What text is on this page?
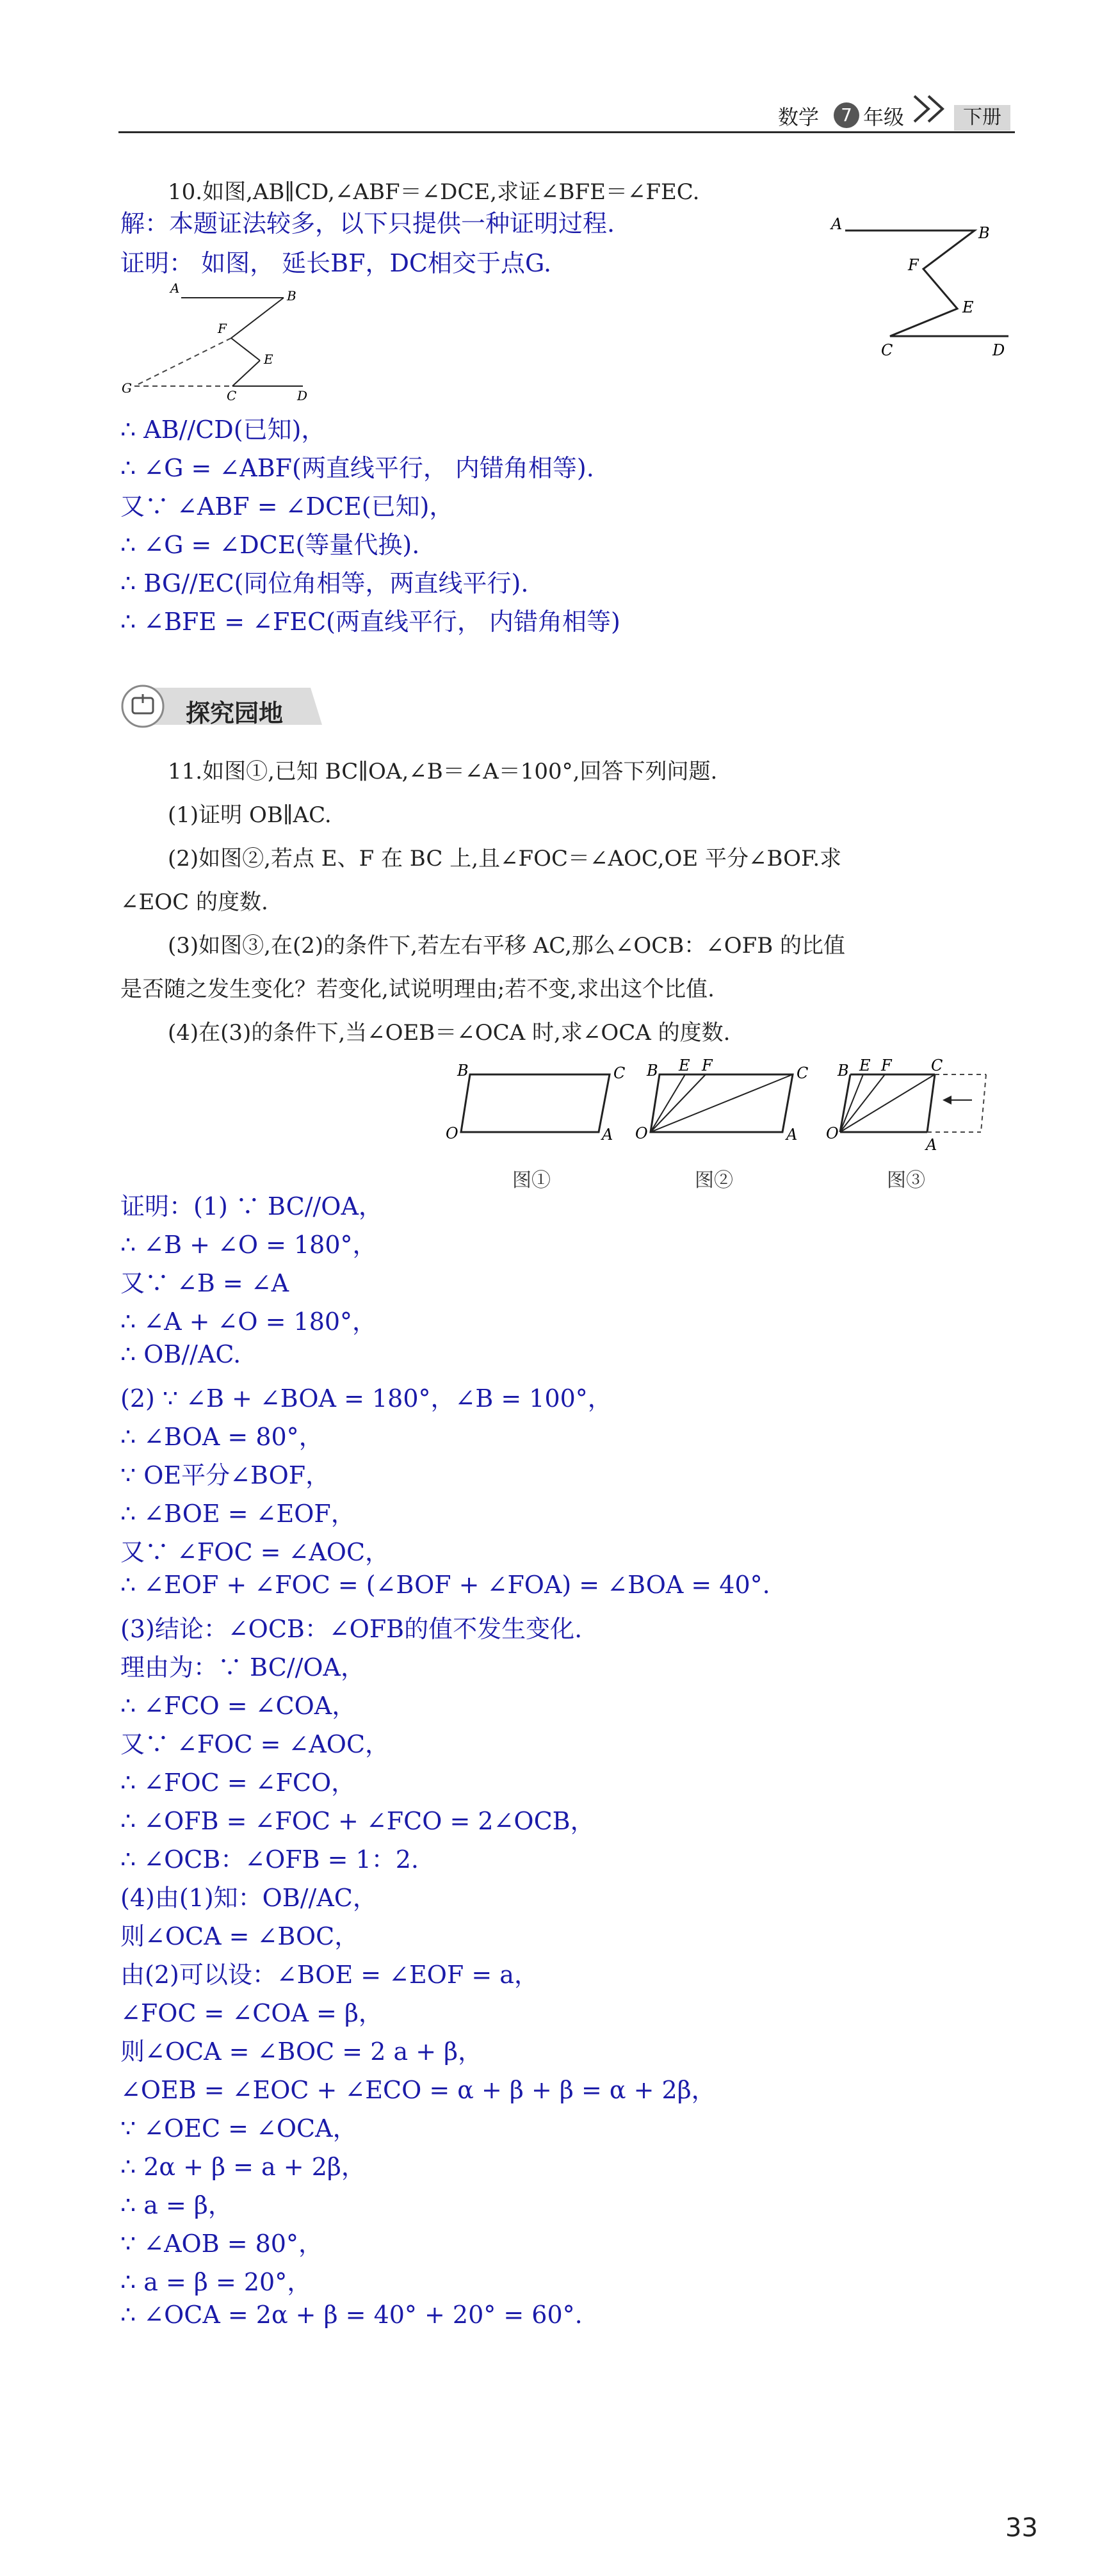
数学	7 年级	下册
10.如图,AB∥CD,∠ABF＝∠DCE,求证∠BFE＝∠FEC.
A	B
F
E
C	D
解：本题证法较多，以下只提供一种证明过程.
证明： 如图， 延长BF，DC相交于点G.
A	B
F
E
G	C	D
∴ AB//CD(已知)，
∴ ∠G = ∠ABF(两直线平行， 内错角相等).
又∵ ∠ABF = ∠DCE(已知)，
∴ ∠G = ∠DCE(等量代换).
∴ BG//EC(同位角相等，两直线平行).
∴ ∠BFE = ∠FEC(两直线平行， 内错角相等)
探究园地
11.如图①,已知 BC∥OA,∠B＝∠A＝100°,回答下列问题.
(1)证明 OB∥AC.
(2)如图②,若点 E、F 在 BC 上,且∠FOC＝∠AOC,OE 平分∠BOF.求
∠EOC 的度数.
(3)如图③,在(2)的条件下,若左右平移 AC,那么∠OCB：∠OFB 的比值
是否随之发生变化？若变化,试说明理由;若不变,求出这个比值.
(4)在(3)的条件下,当∠OEB＝∠OCA 时,求∠OCA 的度数.
B	C
O	A
图①
B E F	C
O	A
图②
B E F	C
O
A
图③
证明：(1) ∵ BC//OA，
∴ ∠B + ∠O = 180°，
又∵ ∠B = ∠A
∴ ∠A + ∠O = 180°，
∴ OB//AC.
(2) ∵ ∠B + ∠BOA = 180°，∠B = 100°，
∴ ∠BOA = 80°，
∵ OE平分∠BOF，
∴ ∠BOE = ∠EOF，
又∵ ∠FOC = ∠AOC，
∴ ∠EOF + ∠FOC = (∠BOF + ∠FOA) = ∠BOA = 40°.
(3)结论：∠OCB：∠OFB的值不发生变化.
理由为：∵ BC//OA，
∴ ∠FCO = ∠COA，
又∵ ∠FOC = ∠AOC，
∴ ∠FOC = ∠FCO，
∴ ∠OFB = ∠FOC + ∠FCO = 2∠OCB，
∴ ∠OCB：∠OFB = 1：2.
(4)由(1)知：OB//AC，
则∠OCA = ∠BOC，
由(2)可以设：∠BOE = ∠EOF = a，
∠FOC = ∠COA = β，
则∠OCA = ∠BOC = 2 a + β，
∠OEB = ∠EOC + ∠ECO = α + β + β = α + 2β，
∵ ∠OEC = ∠OCA，
∴ 2α + β = a + 2β，
∴ a = β，
∵ ∠AOB = 80°，
∴ a = β = 20°，
∴ ∠OCA = 2α + β = 40° + 20° = 60°.
33
